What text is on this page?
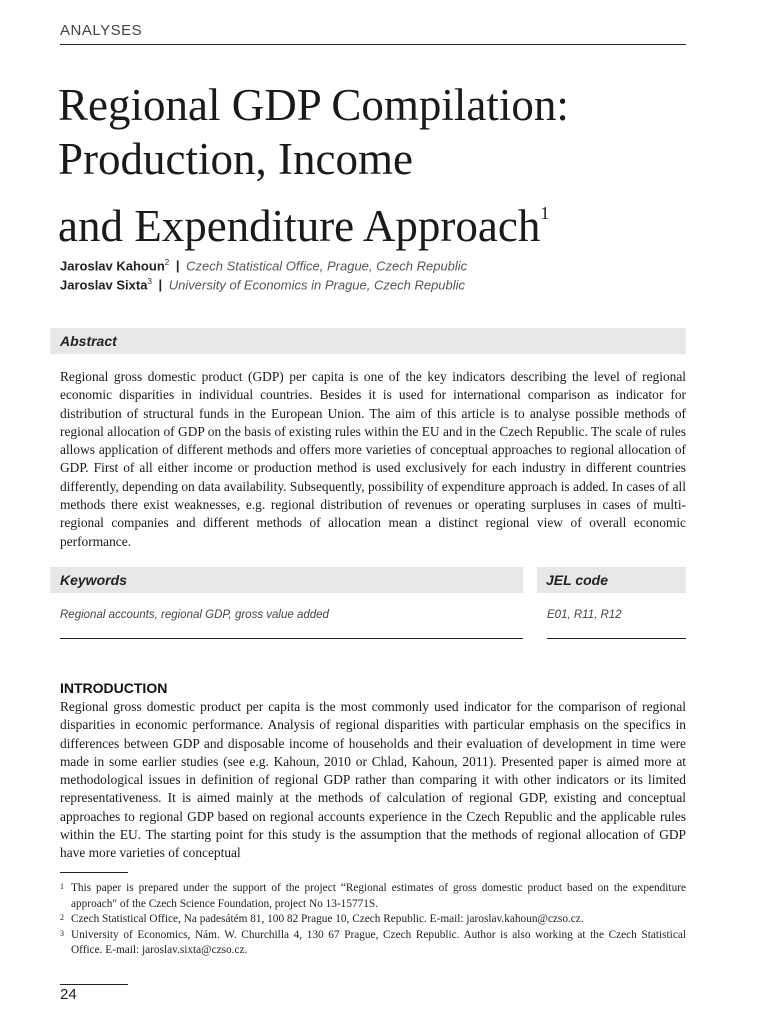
ANALYSES
Regional GDP Compilation:
Production, Income
and Expenditure Approach$^1$
Jaroslav Kahoun$^2$ | Czech Statistical Office, Prague, Czech Republic
Jaroslav Sixta$^3$ | University of Economics in Prague, Czech Republic
Abstract

Regional gross domestic product (GDP) per capita is one of the key indicators describing the level of regional economic disparities in individual countries. Besides it is used for international comparison as indicator for distribution of structural funds in the European Union. The aim of this article is to analyse possible methods of regional allocation of GDP on the basis of existing rules within the EU and in the Czech Republic. The scale of rules allows application of different methods and offers more varieties of conceptual approaches to regional allocation of GDP. First of all either income or production method is used exclusively for each industry in different countries differently, depending on data availability. Subsequently, possibility of expenditure approach is added. In cases of all methods there exist weaknesses, e.g. regional distribution of revenues or operating surpluses in cases of multi-regional companies and different methods of allocation mean a distinct regional view of overall economic performance.

Keywords	JEL code
Regional accounts, regional GDP, gross value added	E01, R11, R12
INTRODUCTION

Regional gross domestic product per capita is the most commonly used indicator for the comparison of regional disparities in economic performance. Analysis of regional disparities with particular emphasis on the specifics in differences between GDP and disposable income of households and their evaluation of development in time were made in some earlier studies (see e.g. Kahoun, 2010 or Chlad, Kahoun, 2011). Presented paper is aimed more at methodological issues in definition of regional GDP rather than comparing it with other indicators or its limited representativeness. It is aimed mainly at the methods of calculation of regional GDP, existing and conceptual approaches to regional GDP based on regional accounts experience in the Czech Republic and the applicable rules within the EU. The starting point for this study is the assumption that the methods of regional allocation of GDP have more varieties of conceptual

1 This paper is prepared under the support of the project “Regional estimates of gross domestic product based on the expenditure approach" of the Czech Science Foundation, project No 13-15771S.
2 Czech Statistical Office, Na padesátém 81, 100 82 Prague 10, Czech Republic. E-mail: jaroslav.kahoun@czso.cz.
3 University of Economics, Nám. W. Churchilla 4, 130 67 Prague, Czech Republic. Author is also working at the Czech Statistical Office. E-mail: jaroslav.sixta@czso.cz.
24
